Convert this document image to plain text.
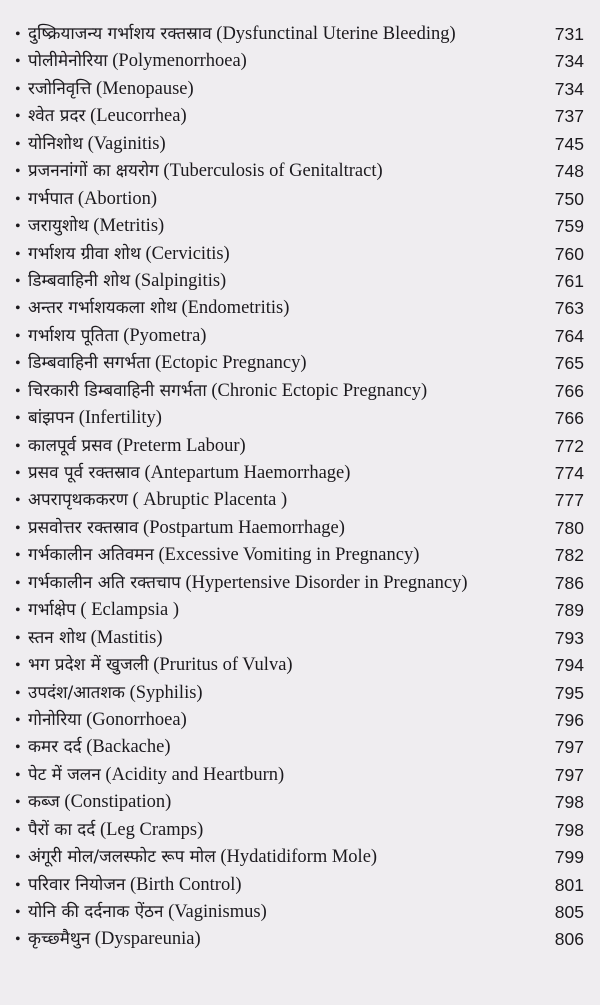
• दुष्क्रियाजन्य गर्भाशय रक्तस्राव (Dysfunctinal Uterine Bleeding)	731
• पोलीमेनोरिया (Polymenorrhoea)	734
• रजोनिवृत्ति (Menopause)	734
• श्वेत प्रदर (Leucorrhea)	737
• योनिशोथ (Vaginitis)	745
• प्रजननांगों का क्षयरोग (Tuberculosis of Genitaltract)	748
• गर्भपात (Abortion)	750
• जरायुशोथ (Metritis)	759
• गर्भाशय ग्रीवा शोथ (Cervicitis)	760
• डिम्बवाहिनी शोथ (Salpingitis)	761
• अन्तर गर्भाशयकला शोथ (Endometritis)	763
• गर्भाशय पूतिता (Pyometra)	764
• डिम्बवाहिनी सगर्भता (Ectopic Pregnancy)	765
• चिरकारी डिम्बवाहिनी सगर्भता (Chronic Ectopic Pregnancy)	766
• बांझपन (Infertility)	766
• कालपूर्व प्रसव (Preterm Labour)	772
• प्रसव पूर्व रक्तस्राव (Antepartum Haemorrhage)	774
• अपरापृथककरण ( Abruptic Placenta )	777
• प्रसवोत्तर रक्तस्राव (Postpartum Haemorrhage)	780
• गर्भकालीन अतिवमन (Excessive Vomiting in Pregnancy)	782
• गर्भकालीन अति रक्तचाप (Hypertensive Disorder in Pregnancy)	786
• गर्भाक्षेप ( Eclampsia )	789
• स्तन शोथ (Mastitis)	793
• भग प्रदेश में खुजली (Pruritus of Vulva)	794
• उपदंश/आतशक (Syphilis)	795
• गोनोरिया (Gonorrhoea)	796
• कमर दर्द (Backache)	797
• पेट में जलन (Acidity and Heartburn)	797
• कब्ज (Constipation)	798
• पैरों का दर्द (Leg Cramps)	798
• अंगूरी मोल/जलस्फोट रूप मोल (Hydatidiform Mole)	799
• परिवार नियोजन (Birth Control)	801
• योनि की दर्दनाक ऐंठन (Vaginismus)	805
• कृच्छ्मैथुन (Dyspareunia)	806
